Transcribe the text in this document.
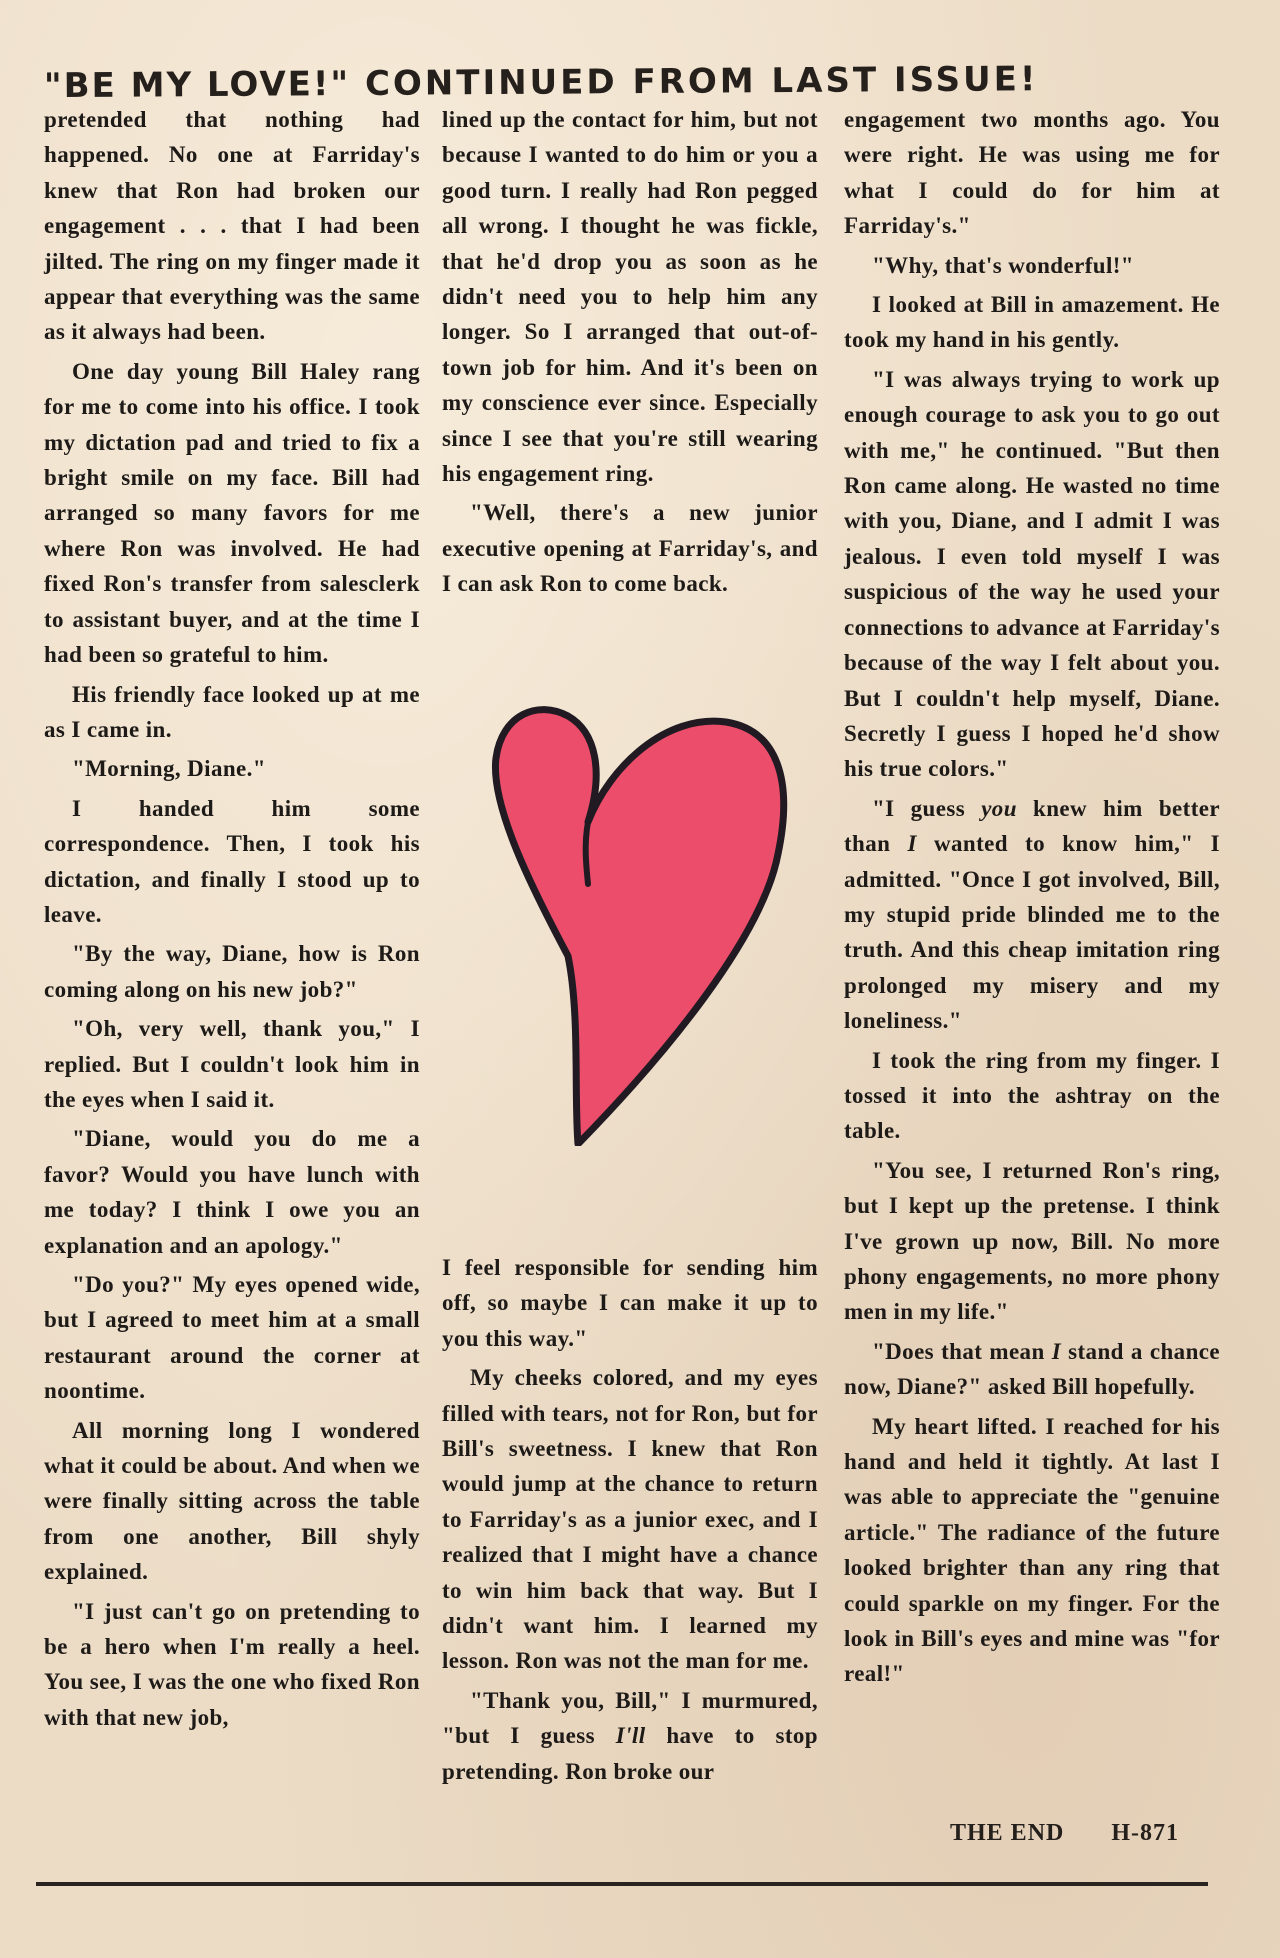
"BE MY LOVE!" CONTINUED FROM LAST ISSUE!

pretended that nothing had happened. No one at Farriday's knew that Ron had broken our engagement . . . that I had been jilted. The ring on my finger made it appear that everything was the same as it always had been.

One day young Bill Haley rang for me to come into his office. I took my dictation pad and tried to fix a bright smile on my face. Bill had arranged so many favors for me where Ron was involved. He had fixed Ron's transfer from salesclerk to assistant buyer, and at the time I had been so grateful to him.

His friendly face looked up at me as I came in.

"Morning, Diane."

I handed him some correspondence. Then, I took his dictation, and finally I stood up to leave.

"By the way, Diane, how is Ron coming along on his new job?"

"Oh, very well, thank you," I replied. But I couldn't look him in the eyes when I said it.

"Diane, would you do me a favor? Would you have lunch with me today? I think I owe you an explanation and an apology."

"Do you?" My eyes opened wide, but I agreed to meet him at a small restaurant around the corner at noontime.

All morning long I wondered what it could be about. And when we were finally sitting across the table from one another, Bill shyly explained.

"I just can't go on pretending to be a hero when I'm really a heel. You see, I was the one who fixed Ron with that new job,

lined up the contact for him, but not because I wanted to do him or you a good turn. I really had Ron pegged all wrong. I thought he was fickle, that he'd drop you as soon as he didn't need you to help him any longer. So I arranged that out-of-town job for him. And it's been on my conscience ever since. Especially since I see that you're still wearing his engagement ring.

"Well, there's a new junior executive opening at Farriday's, and I can ask Ron to come back.

I feel responsible for sending him off, so maybe I can make it up to you this way."

My cheeks colored, and my eyes filled with tears, not for Ron, but for Bill's sweetness. I knew that Ron would jump at the chance to return to Farriday's as a junior exec, and I realized that I might have a chance to win him back that way. But I didn't want him. I learned my lesson. Ron was not the man for me.

"Thank you, Bill," I murmured, "but I guess I'll have to stop pretending. Ron broke our

engagement two months ago. You were right. He was using me for what I could do for him at Farriday's."

"Why, that's wonderful!"

I looked at Bill in amazement. He took my hand in his gently.

"I was always trying to work up enough courage to ask you to go out with me," he continued. "But then Ron came along. He wasted no time with you, Diane, and I admit I was jealous. I even told myself I was suspicious of the way he used your connections to advance at Farriday's because of the way I felt about you. But I couldn't help myself, Diane. Secretly I guess I hoped he'd show his true colors."

"I guess you knew him better than I wanted to know him," I admitted. "Once I got involved, Bill, my stupid pride blinded me to the truth. And this cheap imitation ring prolonged my misery and my loneliness."

I took the ring from my finger. I tossed it into the ashtray on the table.

"You see, I returned Ron's ring, but I kept up the pretense. I think I've grown up now, Bill. No more phony engagements, no more phony men in my life."

"Does that mean I stand a chance now, Diane?" asked Bill hopefully.

My heart lifted. I reached for his hand and held it tightly. At last I was able to appreciate the "genuine article." The radiance of the future looked brighter than any ring that could sparkle on my finger. For the look in Bill's eyes and mine was "for real!"

THE END H-871
